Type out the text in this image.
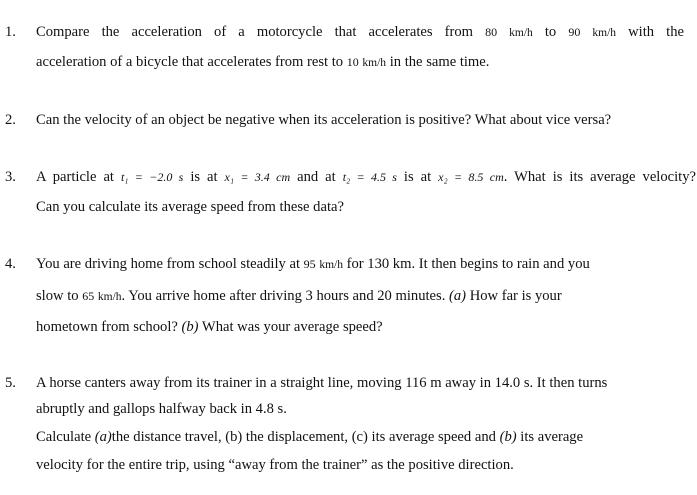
1. Compare the acceleration of a motorcycle that accelerates from 80 km/h to 90 km/h with the
acceleration of a bicycle that accelerates from rest to 10 km/h in the same time.
2. Can the velocity of an object be negative when its acceleration is positive? What about vice versa?
3. A particle at t₁ = −2.0 s is at x₁ = 3.4 cm and at t₂ = 4.5 s is at x₂ = 8.5 cm. What is its average velocity?
Can you calculate its average speed from these data?
4. You are driving home from school steadily at 95 km/h for 130 km. It then begins to rain and you
slow to 65 km/h. You arrive home after driving 3 hours and 20 minutes. (a) How far is your
hometown from school? (b) What was your average speed?
5. A horse canters away from its trainer in a straight line, moving 116 m away in 14.0 s. It then turns
abruptly and gallops halfway back in 4.8 s.
Calculate (a)the distance travel, (b) the displacement, (c) its average speed and (b) its average
velocity for the entire trip, using “away from the trainer” as the positive direction.
